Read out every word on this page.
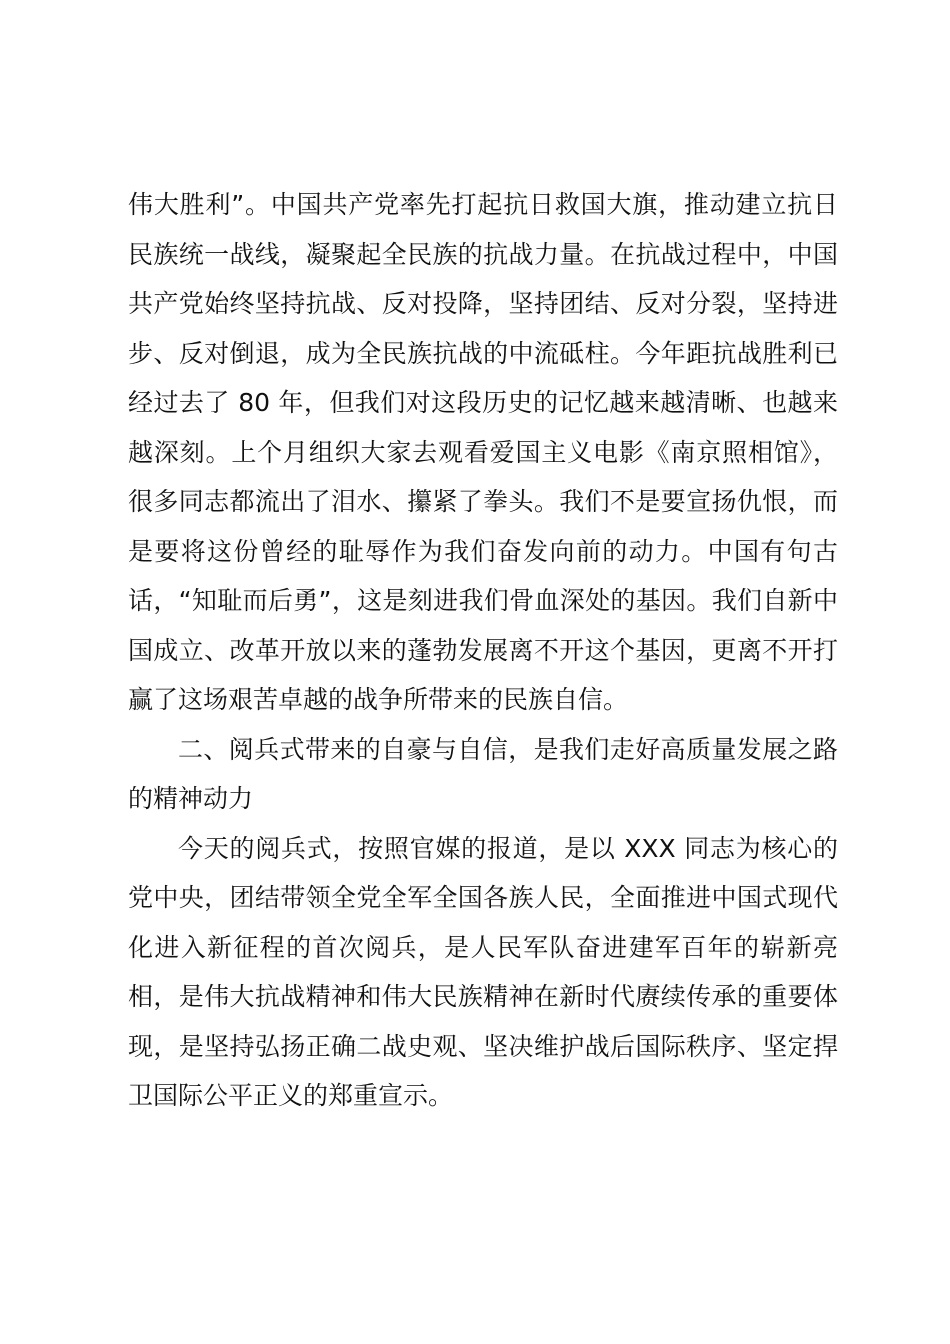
伟大胜利”。中国共产党率先打起抗日救国大旗，推动建立抗日民族统一战线，凝聚起全民族的抗战力量。在抗战过程中，中国共产党始终坚持抗战、反对投降，坚持团结、反对分裂，坚持进步、反对倒退，成为全民族抗战的中流砥柱。今年距抗战胜利已经过去了 80 年，但我们对这段历史的记忆越来越清晰、也越来越深刻。上个月组织大家去观看爱国主义电影《南京照相馆》，很多同志都流出了泪水、攥紧了拳头。我们不是要宣扬仇恨，而是要将这份曾经的耻辱作为我们奋发向前的动力。中国有句古话，“知耻而后勇”，这是刻进我们骨血深处的基因。我们自新中国成立、改革开放以来的蓬勃发展离不开这个基因，更离不开打赢了这场艰苦卓越的战争所带来的民族自信。

二、阅兵式带来的自豪与自信，是我们走好高质量发展之路的精神动力

今天的阅兵式，按照官媒的报道，是以 XXX 同志为核心的党中央，团结带领全党全军全国各族人民，全面推进中国式现代化进入新征程的首次阅兵，是人民军队奋进建军百年的崭新亮相，是伟大抗战精神和伟大民族精神在新时代赓续传承的重要体现，是坚持弘扬正确二战史观、坚决维护战后国际秩序、坚定捍卫国际公平正义的郑重宣示。
